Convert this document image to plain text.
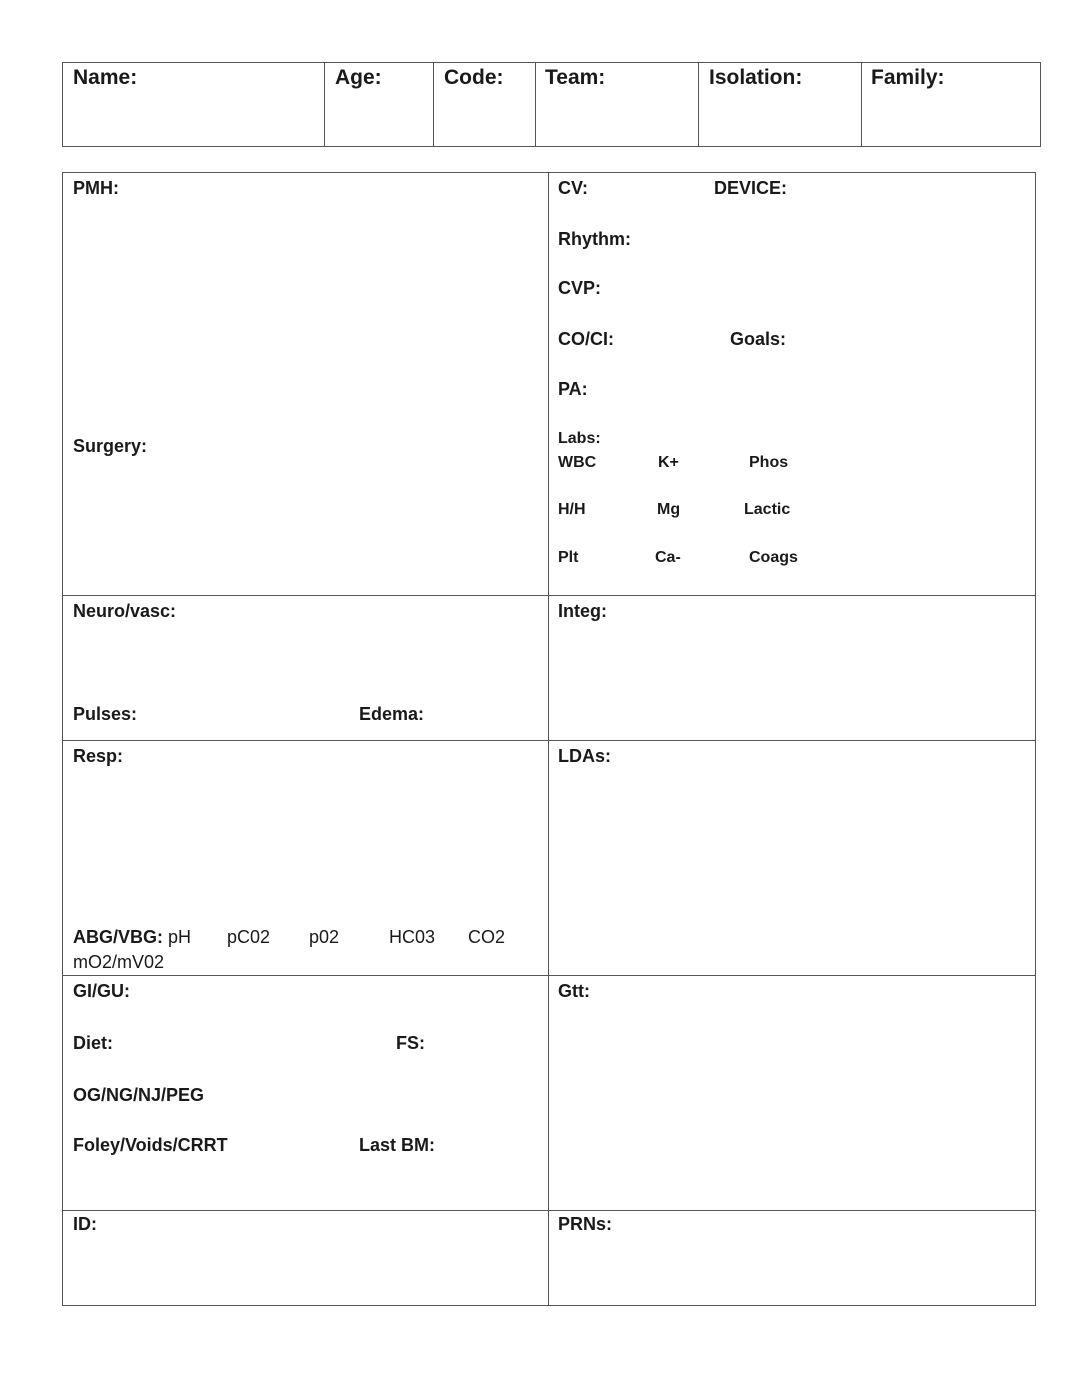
Name:	Age:	Code: Team:	Isolation:	Family:
PMH:
Surgery:
CV:	DEVICE:
Rhythm:
CVP:
CO/CI:	Goals:
PA:
Labs:
WBC	K+	Phos
H/H	Mg	Lactic
Plt	Ca-	Coags
Neuro/vasc:
Pulses:	Edema:
Integ:
Resp:
ABG/VBG: pH pC02 p02	HC03 CO2
mO2/mV02
LDAs:
GI/GU:
Diet:	FS:
OG/NG/NJ/PEG
Foley/Voids/CRRT	Last BM:
Gtt:
ID:	PRNs:
